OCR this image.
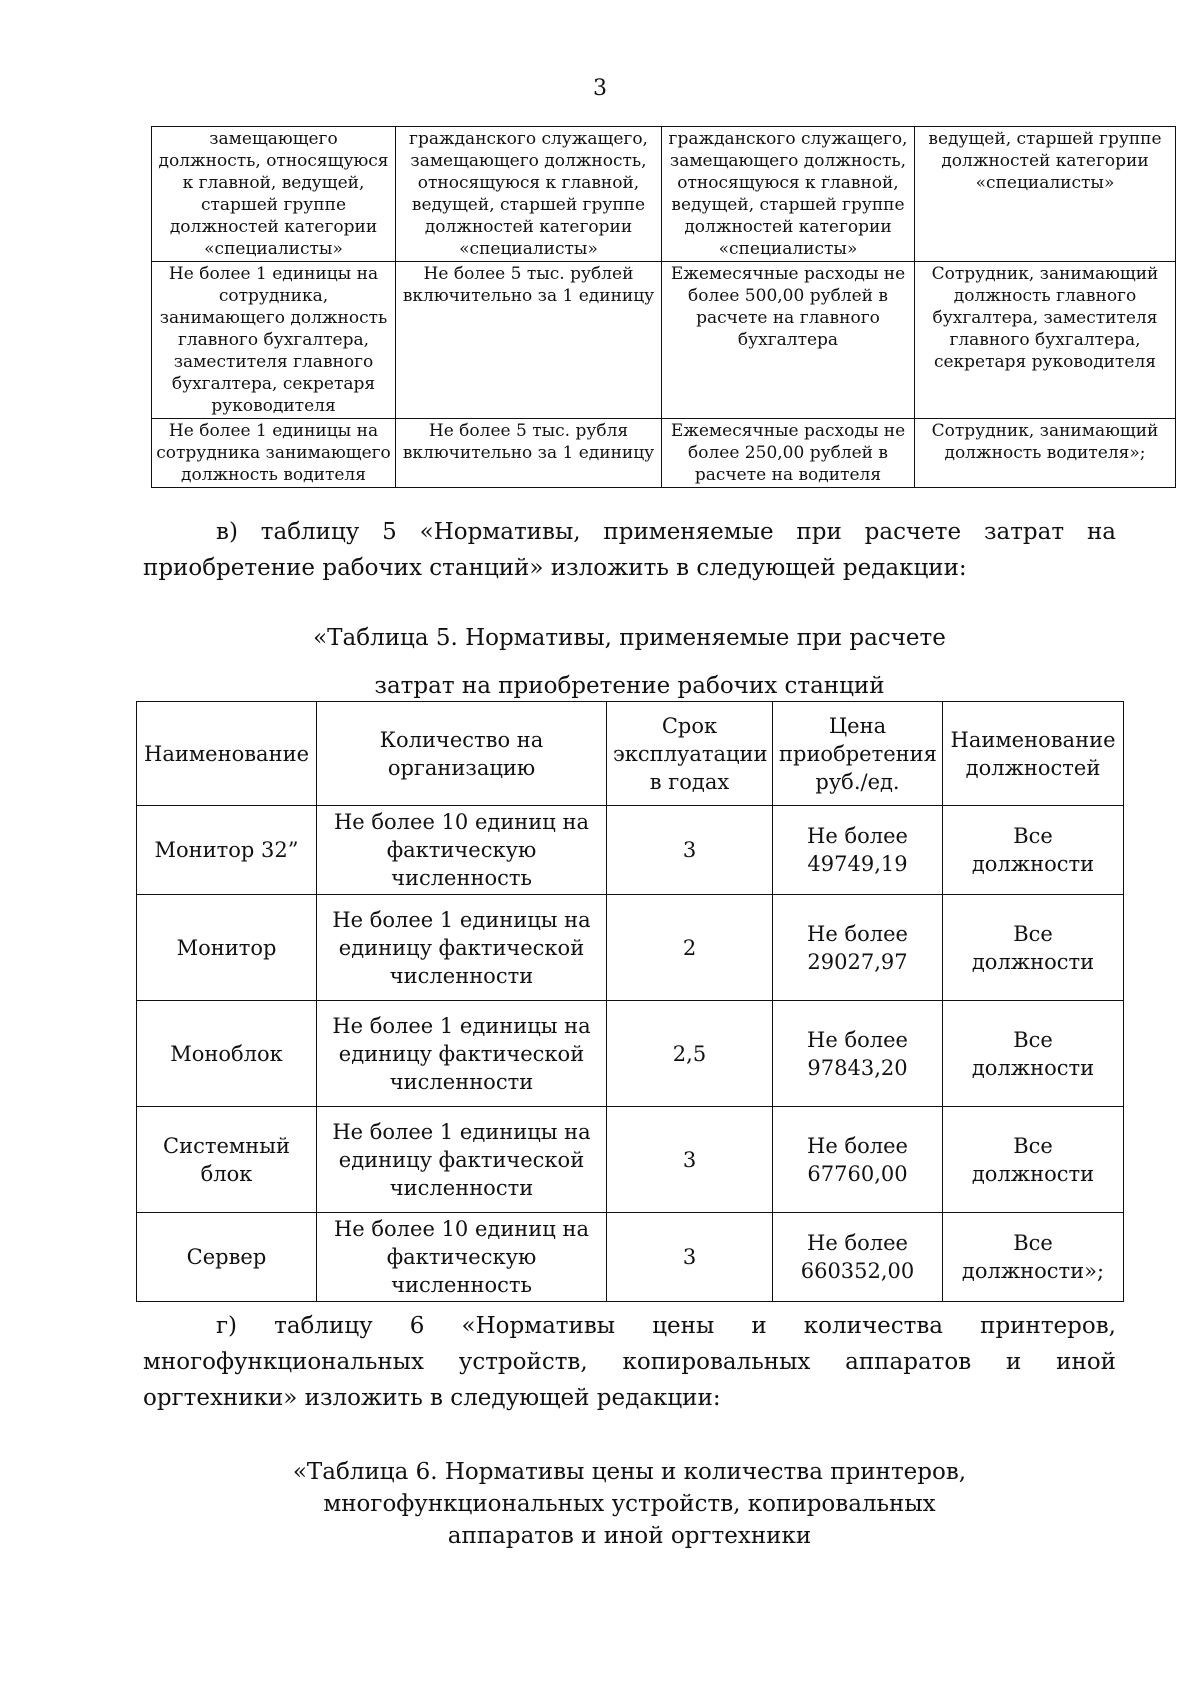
3
замещающего должность, относящуюся к главной, ведущей, старшей группе должностей категории «специалисты»	гражданского служащего, замещающего должность, относящуюся к главной, ведущей, старшей группе должностей категории «специалисты»	гражданского служащего, замещающего должность, относящуюся к главной, ведущей, старшей группе должностей категории «специалисты»	ведущей, старшей группе должностей категории «специалисты»
Не более 1 единицы на сотрудника, занимающего должность главного бухгалтера, заместителя главного бухгалтера, секретаря руководителя	Не более 5 тыс. рублей включительно за 1 единицу	Ежемесячные расходы не более 500,00 рублей в расчете на главного бухгалтера	Сотрудник, занимающий должность главного бухгалтера, заместителя главного бухгалтера, секретаря руководителя
Не более 1 единицы на сотрудника занимающего должность водителя	Не более 5 тыс. рубля включительно за 1 единицу	Ежемесячные расходы не более 250,00 рублей в расчете на водителя	Сотрудник, занимающий должность водителя»;

в) таблицу 5 «Нормативы, применяемые при расчете затрат на приобретение рабочих станций» изложить в следующей редакции:

«Таблица 5. Нормативы, применяемые при расчете
затрат на приобретение рабочих станций

Наименование	Количество на организацию	Срок эксплуатации в годах	Цена приобретения руб./ед.	Наименование должностей
Монитор 32”	Не более 10 единиц на фактическую численность	3	Не более 49749,19	Все должности
Монитор	Не более 1 единицы на единицу фактической численности	2	Не более 29027,97	Все должности
Моноблок	Не более 1 единицы на единицу фактической численности	2,5	Не более 97843,20	Все должности
Системный блок	Не более 1 единицы на единицу фактической численности	3	Не более 67760,00	Все должности
Сервер	Не более 10 единиц на фактическую численность	3	Не более 660352,00	Все должности»;

г) таблицу 6 «Нормативы цены и количества принтеров, многофункциональных устройств, копировальных аппаратов и иной оргтехники» изложить в следующей редакции:

«Таблица 6. Нормативы цены и количества принтеров,
многофункциональных устройств, копировальных
аппаратов и иной оргтехники
